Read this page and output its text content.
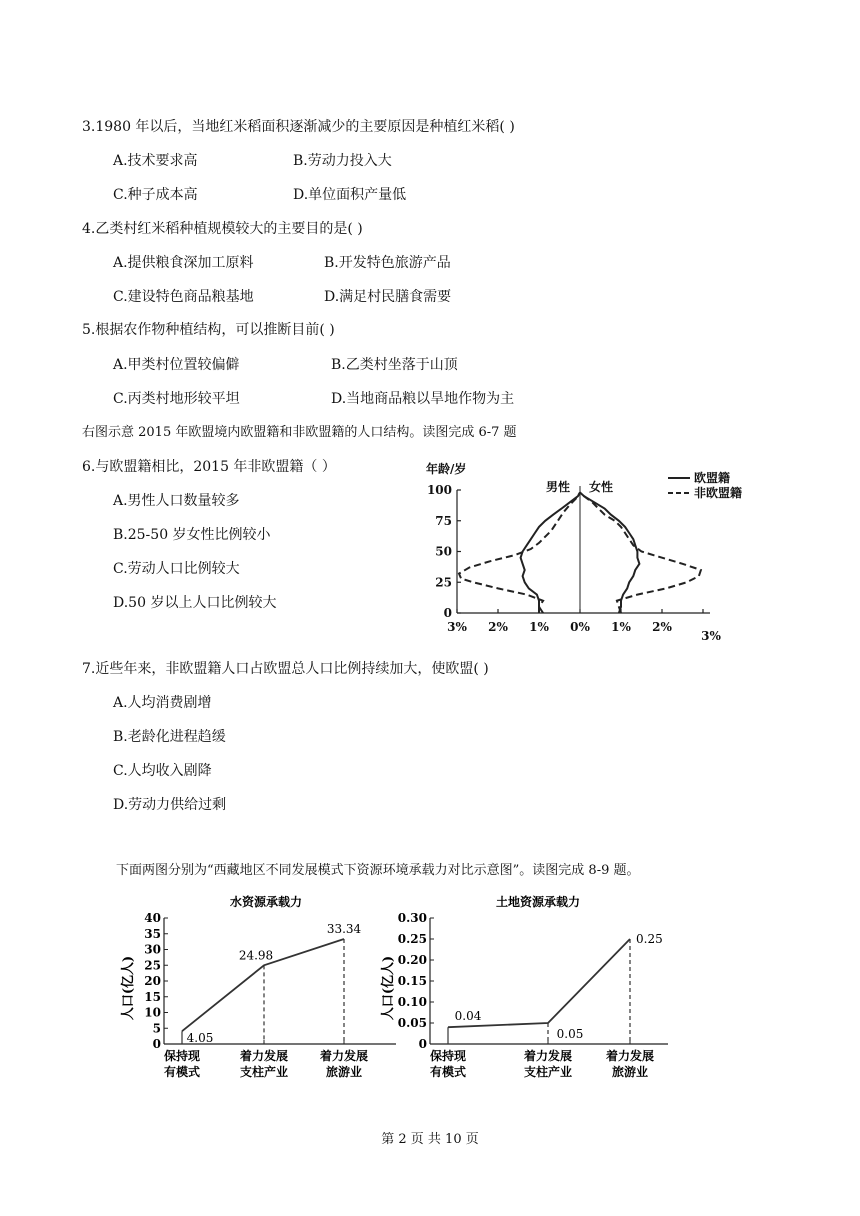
3.1980 年以后，当地红米稻面积逐渐减少的主要原因是种植红米稻( )
A.技术要求高	B.劳动力投入大
C.种子成本高	D.单位面积产量低
4.乙类村红米稻种植规模较大的主要目的是( )
A.提供粮食深加工原料	B.开发特色旅游产品
C.建设特色商品粮基地	D.满足村民膳食需要
5.根据农作物种植结构，可以推断目前( )
A.甲类村位置较偏僻	B.乙类村坐落于山顶
C.丙类村地形较平坦	D.当地商品粮以旱地作物为主
右图示意 2015 年欧盟境内欧盟籍和非欧盟籍的人口结构。读图完成 6-7 题
6.与欧盟籍相比，2015 年非欧盟籍（ ）
A.男性人口数量较多
B.25-50 岁女性比例较小
C.劳动人口比例较大
D.50 岁以上人口比例较大
年龄/岁
男性 女性
0
25
50
75
100
3% 2% 1% 0% 1% 2%
3%
欧盟籍
非欧盟籍
7.近些年来，非欧盟籍人口占欧盟总人口比例持续加大，使欧盟( )
A.人均消费剧增
B.老龄化进程趋缓
C.人均收入剧降
D.劳动力供给过剩
下面两图分别为“西藏地区不同发展模式下资源环境承载力对比示意图”。读图完成 8-9 题。
水资源承载力
人口(亿人)
0
5
10
15
20
25
30
35
40
保持现有模式
着力发展支柱产业
着力发展旅游业
4.05
24.98
33.34
土地资源承载力
人口(亿人)
0
0.05
0.10
0.15
0.20
0.25
0.30
保持现有模式
着力发展支柱产业
着力发展旅游业
0.04
0.05
0.25
第 2 页 共 10 页
